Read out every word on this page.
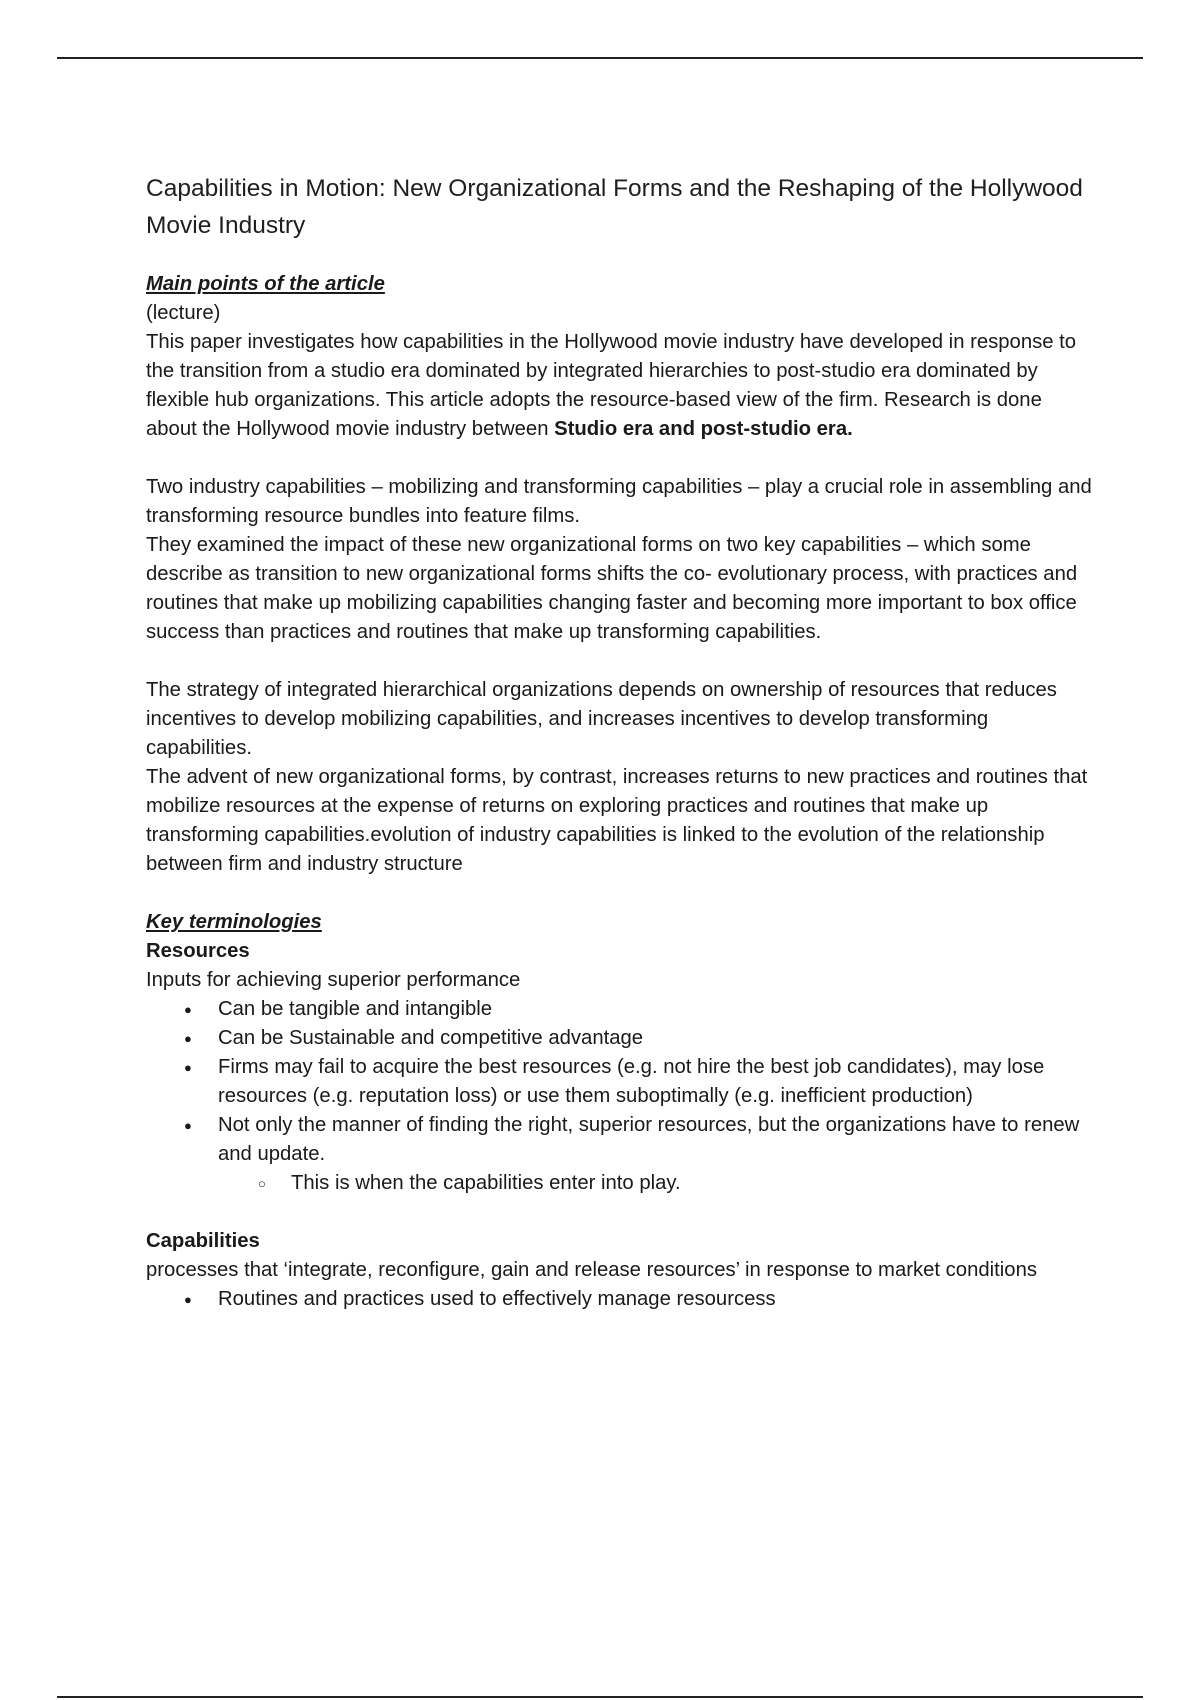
Capabilities in Motion: New Organizational Forms and the Reshaping of the Hollywood Movie Industry

Main points of the article

(lecture)

This paper investigates how capabilities in the Hollywood movie industry have developed in response to the transition from a studio era dominated by integrated hierarchies to post-studio era dominated by flexible hub organizations. This article adopts the resource-based view of the firm. Research is done about the Hollywood movie industry between Studio era and post-studio era.

Two industry capabilities – mobilizing and transforming capabilities – play a crucial role in assembling and transforming resource bundles into feature films.

They examined the impact of these new organizational forms on two key capabilities – which some describe as transition to new organizational forms shifts the co- evolutionary process, with practices and routines that make up mobilizing capabilities changing faster and becoming more important to box office success than practices and routines that make up transforming capabilities.

The strategy of integrated hierarchical organizations depends on ownership of resources that reduces incentives to develop mobilizing capabilities, and increases incentives to develop transforming capabilities.

The advent of new organizational forms, by contrast, increases returns to new practices and routines that mobilize resources at the expense of returns on exploring practices and routines that make up transforming capabilities.evolution of industry capabilities is linked to the evolution of the relationship between firm and industry structure

Key terminologies

Resources

Inputs for achieving superior performance

● Can be tangible and intangible
● Can be Sustainable and competitive advantage
● Firms may fail to acquire the best resources (e.g. not hire the best job candidates), may lose resources (e.g. reputation loss) or use them suboptimally (e.g. inefficient production)
● Not only the manner of finding the right, superior resources, but the organizations have to renew and update.
○ This is when the capabilities enter into play.

Capabilities

processes that ‘integrate, reconfigure, gain and release resources’ in response to market conditions

● Routines and practices used to effectively manage resourcess
